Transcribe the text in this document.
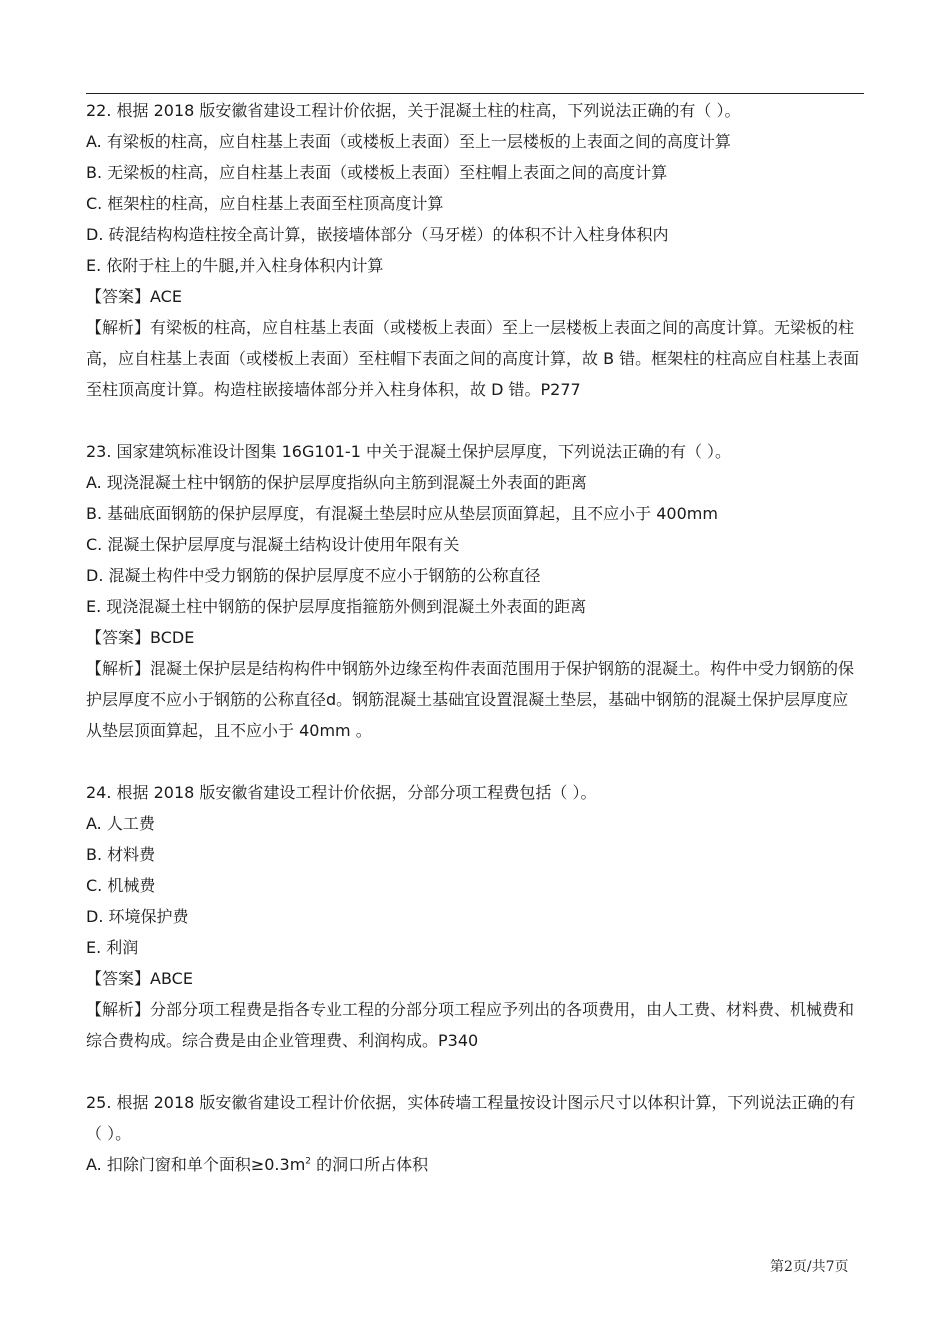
22. 根据 2018 版安徽省建设工程计价依据，关于混凝土柱的柱高，下列说法正确的有（ ）。
A. 有梁板的柱高，应自柱基上表面（或楼板上表面）至上一层楼板的上表面之间的高度计算
B. 无梁板的柱高，应自柱基上表面（或楼板上表面）至柱帽上表面之间的高度计算
C. 框架柱的柱高，应自柱基上表面至柱顶高度计算
D. 砖混结构构造柱按全高计算，嵌接墙体部分（马牙槎）的体积不计入柱身体积内
E. 依附于柱上的牛腿,并入柱身体积内计算
【答案】ACE
【解析】有梁板的柱高，应自柱基上表面（或楼板上表面）至上一层楼板上表面之间的高度计算。无梁板的柱高，应自柱基上表面（或楼板上表面）至柱帽下表面之间的高度计算，故 B 错。框架柱的柱高应自柱基上表面至柱顶高度计算。构造柱嵌接墙体部分并入柱身体积，故 D 错。P277
23. 国家建筑标准设计图集 16G101-1 中关于混凝土保护层厚度，下列说法正确的有（ ）。
A. 现浇混凝土柱中钢筋的保护层厚度指纵向主筋到混凝土外表面的距离
B. 基础底面钢筋的保护层厚度，有混凝土垫层时应从垫层顶面算起，且不应小于 400mm
C. 混凝土保护层厚度与混凝土结构设计使用年限有关
D. 混凝土构件中受力钢筋的保护层厚度不应小于钢筋的公称直径
E. 现浇混凝土柱中钢筋的保护层厚度指箍筋外侧到混凝土外表面的距离
【答案】BCDE
【解析】混凝土保护层是结构构件中钢筋外边缘至构件表面范围用于保护钢筋的混凝土。构件中受力钢筋的保护层厚度不应小于钢筋的公称直径d。钢筋混凝土基础宜设置混凝土垫层，基础中钢筋的混凝土保护层厚度应从垫层顶面算起，且不应小于 40mm 。
24. 根据 2018 版安徽省建设工程计价依据，分部分项工程费包括（ ）。
A. 人工费
B. 材料费
C. 机械费
D. 环境保护费
E. 利润
【答案】ABCE
【解析】分部分项工程费是指各专业工程的分部分项工程应予列出的各项费用，由人工费、材料费、机械费和综合费构成。综合费是由企业管理费、利润构成。P340
25. 根据 2018 版安徽省建设工程计价依据，实体砖墙工程量按设计图示尺寸以体积计算，下列说法正确的有（ ）。
A. 扣除门窗和单个面积$\ge 0.3m^2$ 的洞口所占体积
第2页/共7页
